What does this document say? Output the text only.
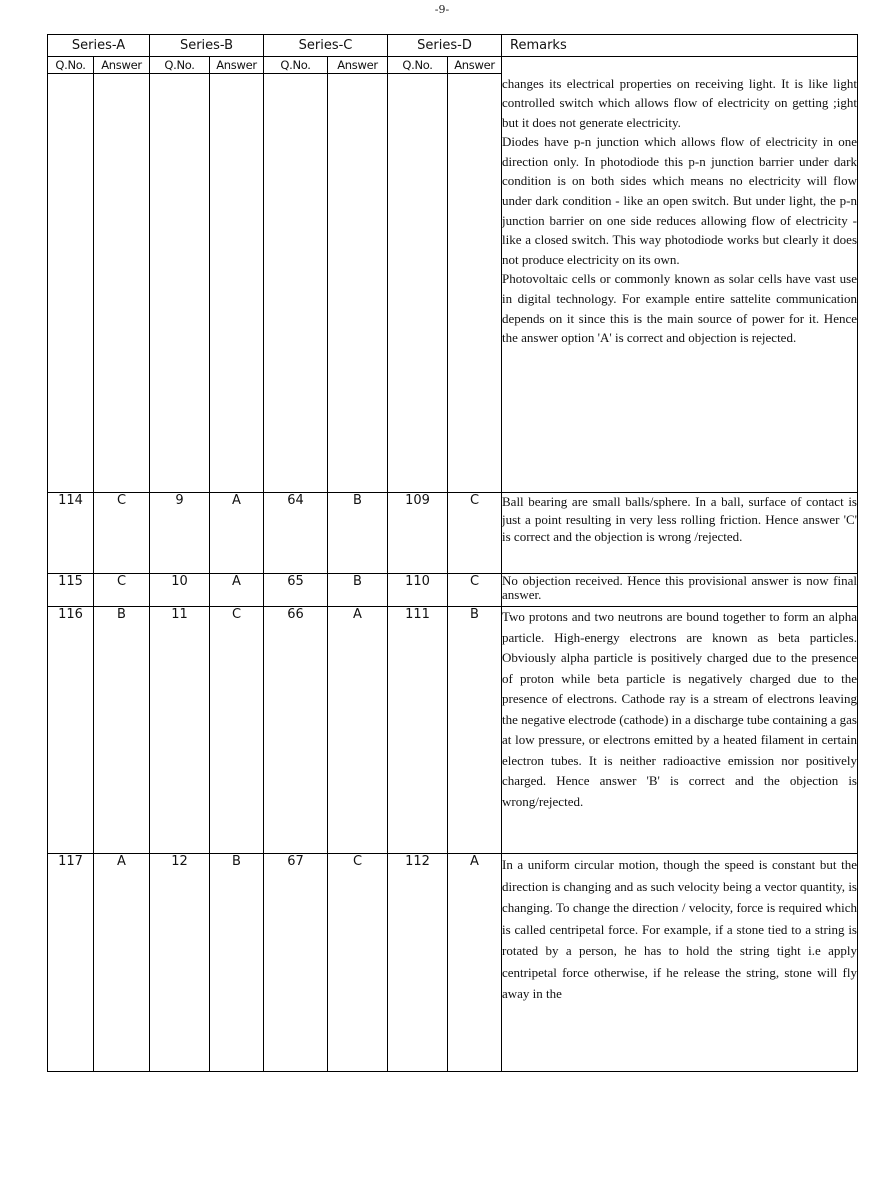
-9-
Series-A		Series-B		Series-C		Series-D		Remarks
Q.No.	Answer	Q.No.	Answer	Q.No.	Answer	Q.No.	Answer	

								changes its electrical properties on receiving light. It is like light controlled switch which allows flow of electricity on getting ;ight but it does not generate electricity.

Diodes have p-n junction which allows flow of electricity in one direction only. In photodiode this p-n junction barrier under dark condition is on both sides which means no electricity will flow under dark condition - like an open switch. But under light, the p-n junction barrier on one side reduces allowing flow of electricity - like a closed switch. This way photodiode works but clearly it does not produce electricity on its own.

Photovoltaic cells or commonly known as solar cells have vast use in digital technology. For example entire sattelite communication depends on it since this is the main source of power for it. Hence the answer option 'A' is correct and objection is rejected.

114	C	9	A	64	B	109	C	Ball bearing are small balls/sphere. In a ball, surface of contact is just a point resulting in very less rolling friction. Hence answer 'C' is correct and the objection is wrong /rejected.
115	C	10	A	65	B	110	C	No objection received. Hence this provisional answer is now final answer.
116	B	11	C	66	A	111	B	Two protons and two neutrons are bound together to form an alpha particle. High-energy electrons are known as beta particles. Obviously alpha particle is positively charged due to the presence of proton while beta particle is negatively charged due to the presence of electrons. Cathode ray is a stream of electrons leaving the negative electrode (cathode) in a discharge tube containing a gas at low pressure, or electrons emitted by a heated filament in certain electron tubes. It is neither radioactive emission nor positively charged. Hence answer 'B' is correct and the objection is wrong/rejected.
117	A	12	B	67	C	112	A	In a uniform circular motion, though the speed is constant but the direction is changing and as such velocity being a vector quantity, is changing. To change the direction / velocity, force is required which is called centripetal force. For example, if a stone tied to a string is rotated by a person, he has to hold the string tight i.e apply centripetal force otherwise, if he release the string, stone will fly away in the
